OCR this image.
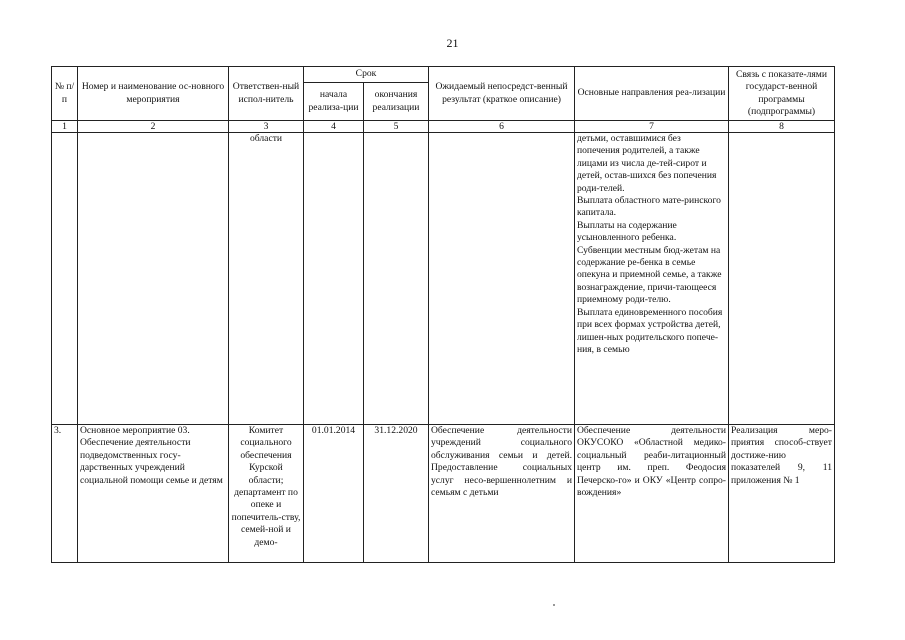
21
№ п/п	Номер и наименование ос-новного мероприятия	Ответствен-ный испол-нитель	Срок		Ожидаемый непосредст-венный результат (краткое описание)	Основные направления реа-лизации	Связь с показате-лями государст-венной программы (подпрограммы)
			начала реализа-ции	окончания реализации			
1	2	3	4	5	6	7	8
		области				детьми, оставшимися без попечения родителей, а также лицами из числа де-тей-сирот и детей, остав-шихся без попечения роди-телей.
Выплата областного мате-ринского капитала.
Выплаты на содержание усыновленного ребенка.
Субвенции местным бюд-жетам на содержание ре-бенка в семье опекуна и приемной семье, а также вознаграждение, причи-тающееся приемному роди-телю.
Выплата единовременного пособия при всех формах устройства детей, лишен-ных родительского попече-ния, в семью	

3.	Основное мероприятие 03. Обеспечение деятельности подведомственных госу-дарственных учреждений социальной помощи семье и детям	Комитет социального обеспечения Курской области; департамент по опеке и попечитель-ству, семей-ной и демо-	01.01.2014	31.12.2020	Обеспечение деятельности учреждений социального обслуживания семьи и детей. Предоставление социальных услуг несо-вершеннолетним и семьям с детьми	Обеспечение деятельности ОКУСОКО «Областной медико-социальный реаби-литационный центр им. преп. Феодосия Печерско-го» и ОКУ «Центр сопро-вождения»	Реализация меро-приятия способ-ствует достиже-нию показателей 9, 11 приложения № 1
